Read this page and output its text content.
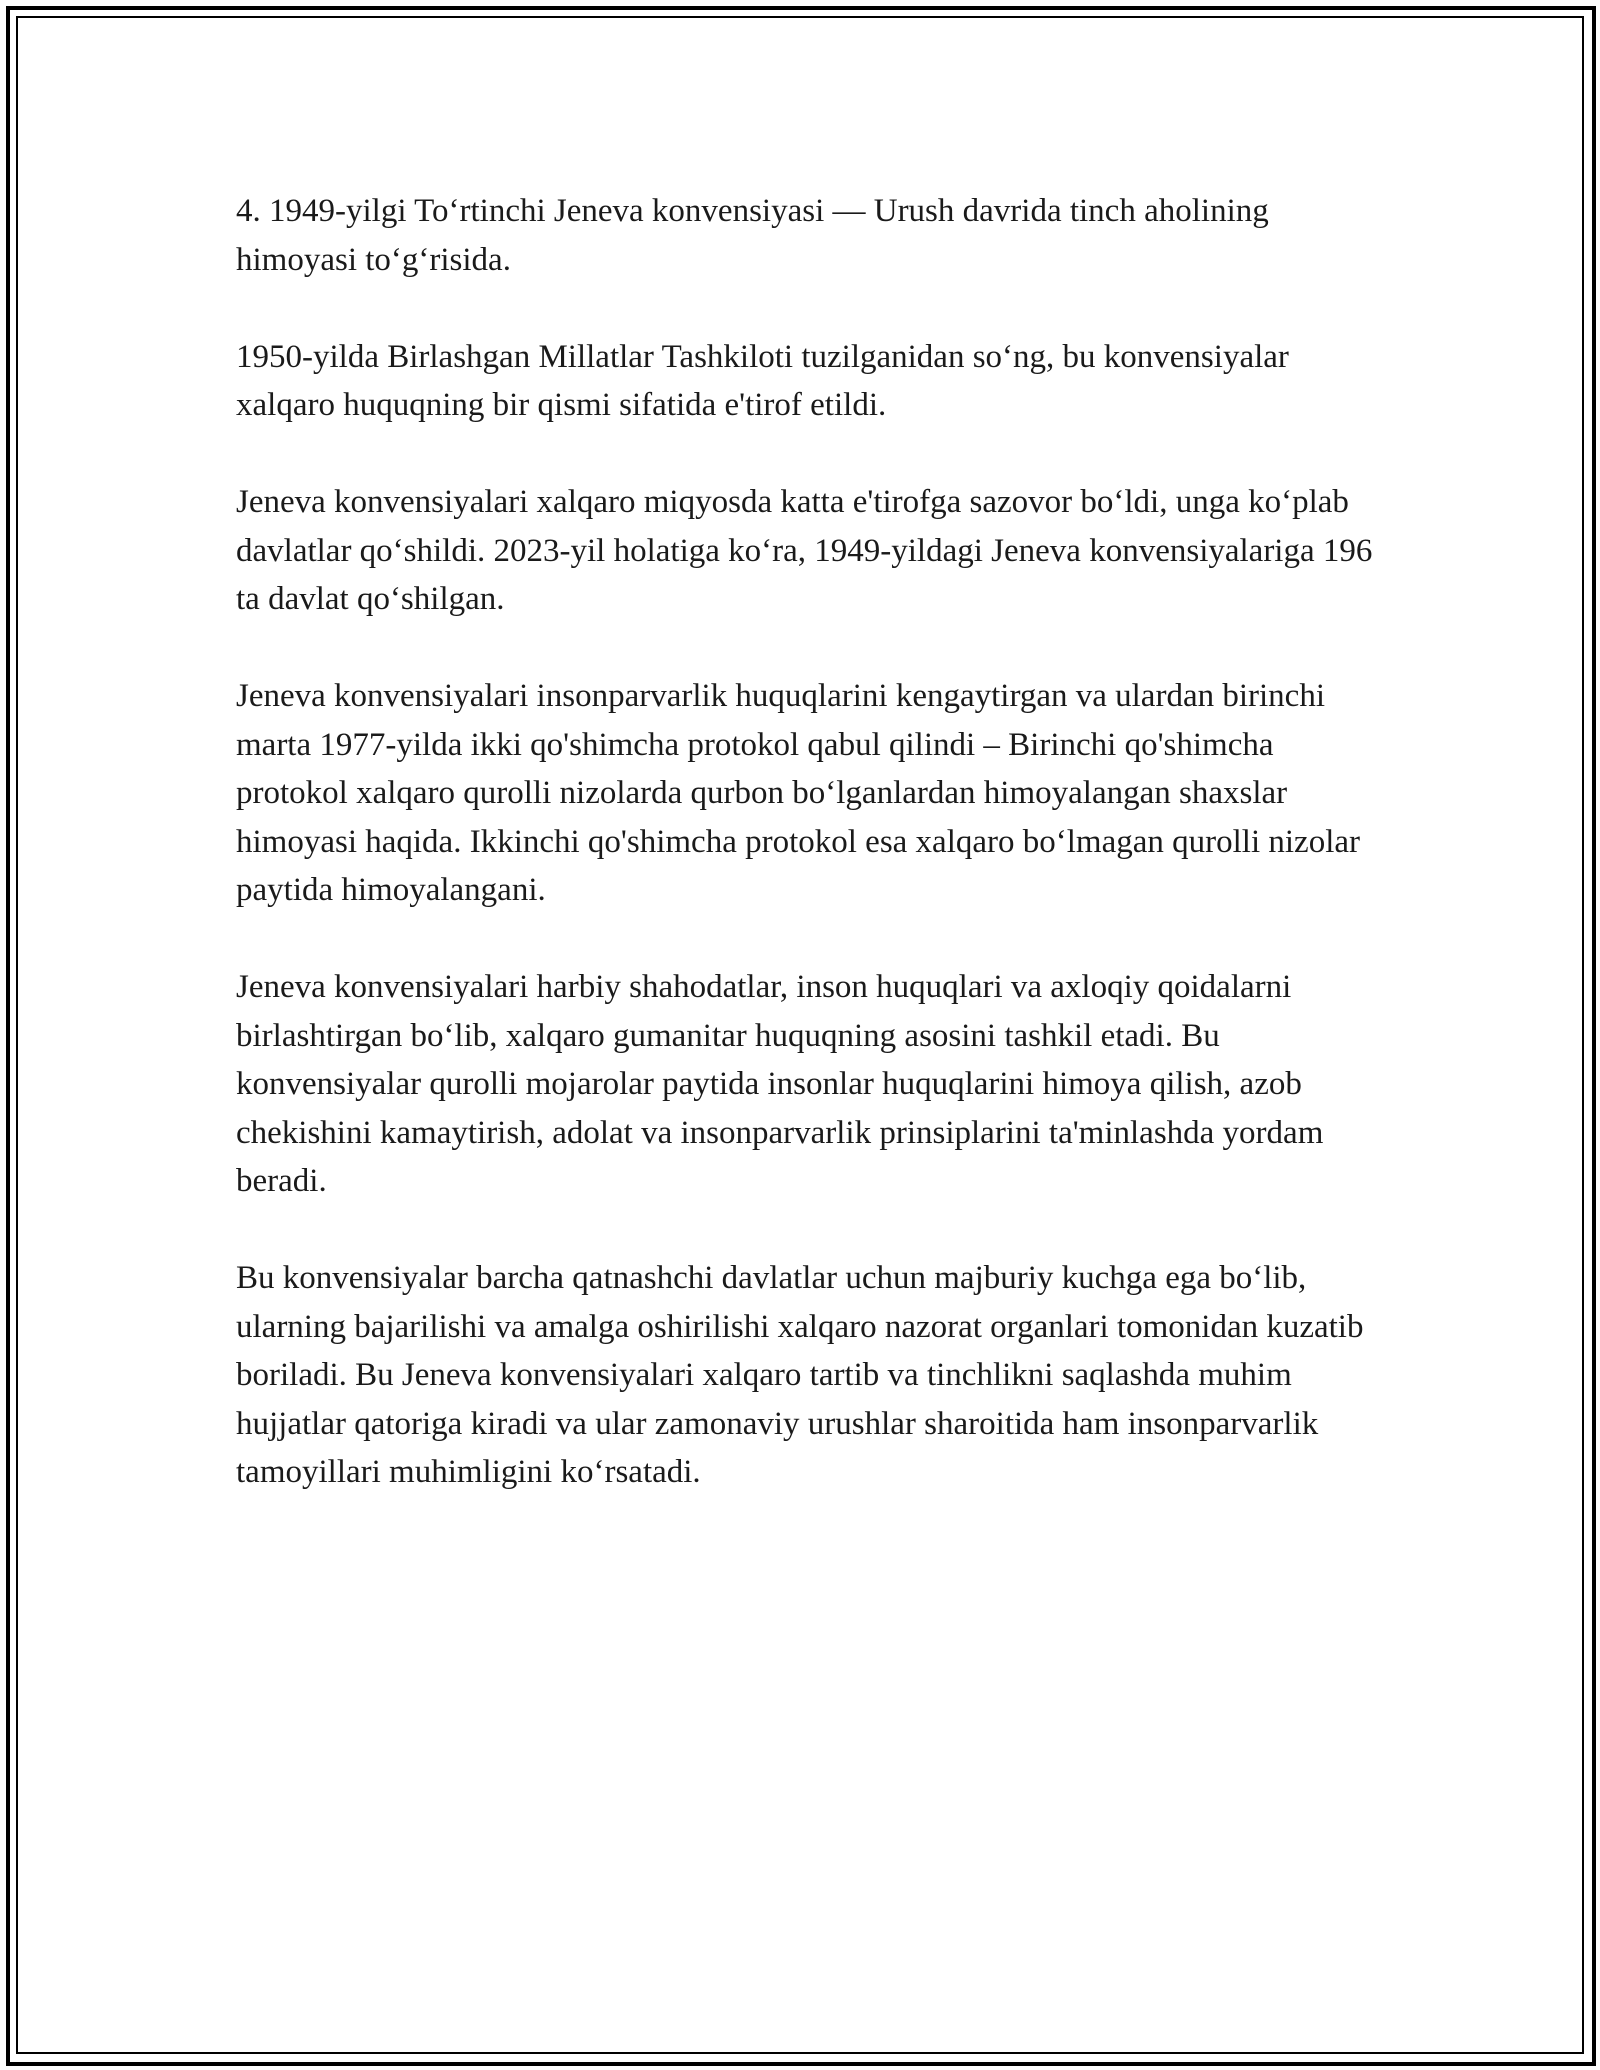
4. 1949-yilgi To‘rtinchi Jeneva konvensiyasi — Urush davrida tinch aholining himoyasi to‘g‘risida.

1950-yilda Birlashgan Millatlar Tashkiloti tuzilganidan so‘ng, bu konvensiyalar xalqaro huquqning bir qismi sifatida e'tirof etildi.

Jeneva konvensiyalari xalqaro miqyosda katta e'tirofga sazovor bo‘ldi, unga ko‘plab davlatlar qo‘shildi. 2023-yil holatiga ko‘ra, 1949-yildagi Jeneva konvensiyalariga 196 ta davlat qo‘shilgan.

Jeneva konvensiyalari insonparvarlik huquqlarini kengaytirgan va ulardan birinchi marta 1977-yilda ikki qo'shimcha protokol qabul qilindi – Birinchi qo'shimcha protokol xalqaro qurolli nizolarda qurbon bo‘lganlardan himoyalangan shaxslar himoyasi haqida. Ikkinchi qo'shimcha protokol esa xalqaro bo‘lmagan qurolli nizolar paytida himoyalangani.

Jeneva konvensiyalari harbiy shahodatlar, inson huquqlari va axloqiy qoidalarni birlashtirgan bo‘lib, xalqaro gumanitar huquqning asosini tashkil etadi. Bu konvensiyalar qurolli mojarolar paytida insonlar huquqlarini himoya qilish, azob chekishini kamaytirish, adolat va insonparvarlik prinsiplarini ta'minlashda yordam beradi.

Bu konvensiyalar barcha qatnashchi davlatlar uchun majburiy kuchga ega bo‘lib, ularning bajarilishi va amalga oshirilishi xalqaro nazorat organlari tomonidan kuzatib boriladi. Bu Jeneva konvensiyalari xalqaro tartib va tinchlikni saqlashda muhim hujjatlar qatoriga kiradi va ular zamonaviy urushlar sharoitida ham insonparvarlik tamoyillari muhimligini ko‘rsatadi.
